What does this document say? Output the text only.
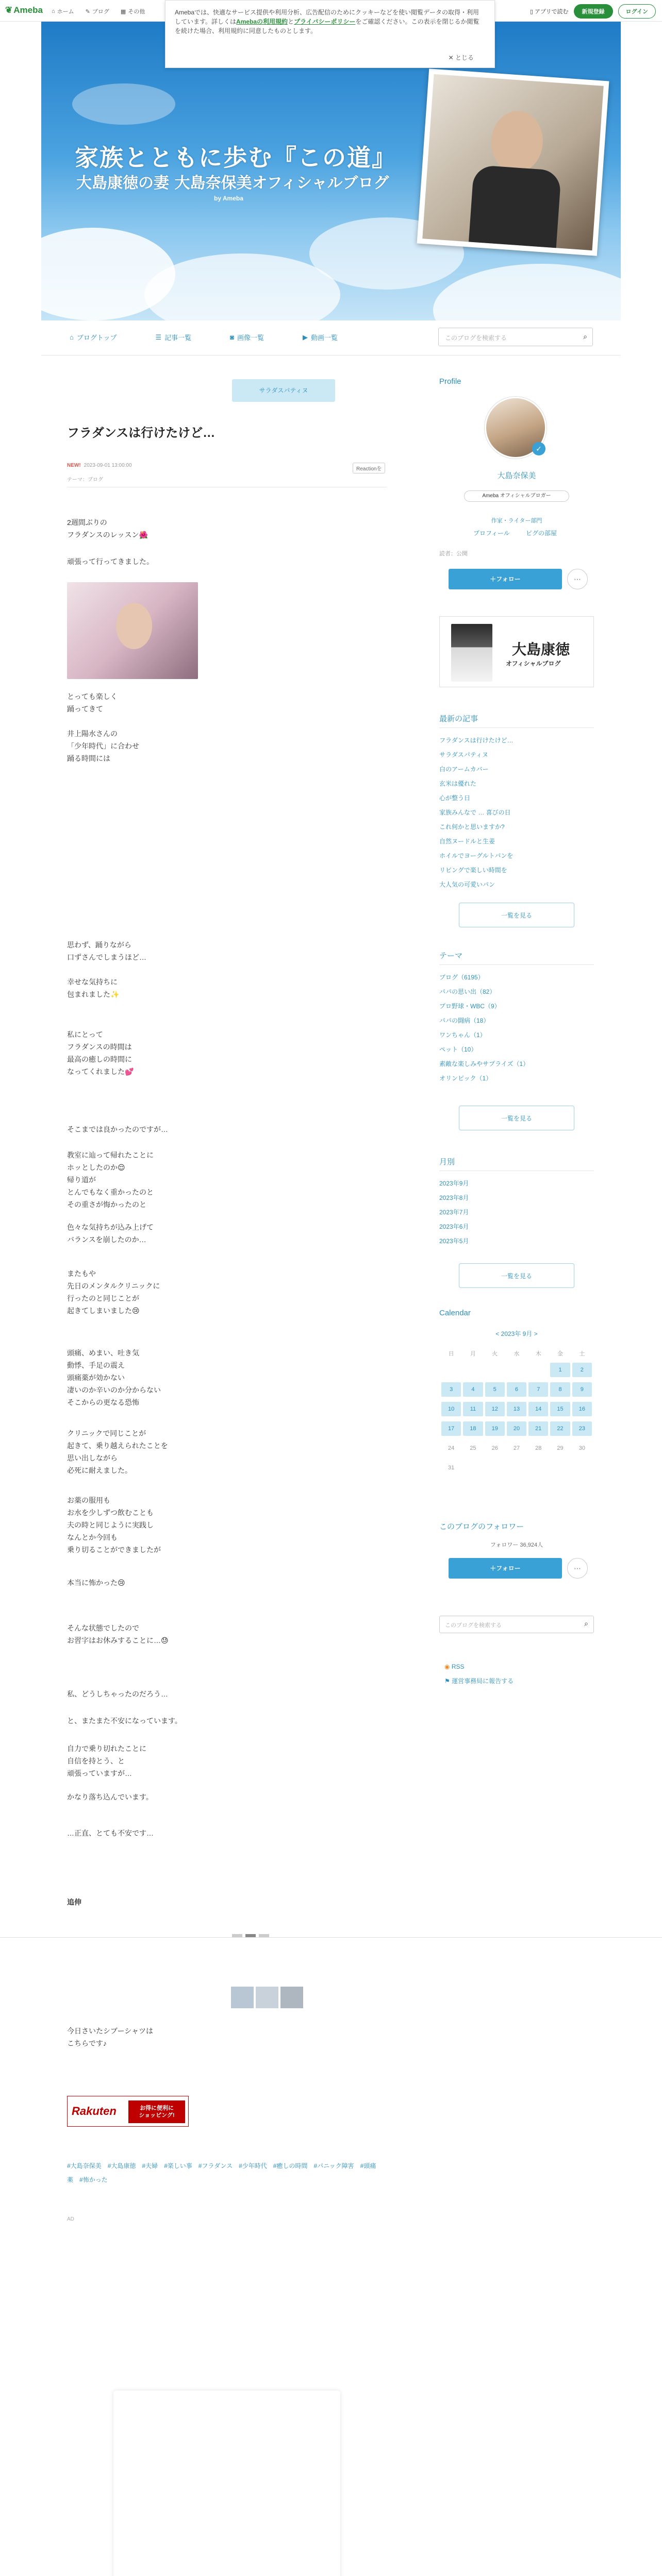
❦ Ameba ⌂ ホーム ✎ ブログ ▦ その他	▯ アプリで読む	新規登録	ログイン
家族とともに歩む『この道』
大島康徳の妻 大島奈保美オフィシャルブログ
by Ameba
Amebaでは、快適なサービス提供や利用分析、広告配信のためにクッキーなどを使い閲覧データの取得・利用しています。詳しくはAmebaの利用規約とプライバシーポリシーをご確認ください。この表示を閉じるか閲覧を続けた場合、利用規約に同意したものとします。
✕ とじる
⌂ ブログトップ	☰ 記事一覧	◙ 画像一覧	▶ 動画一覧	このブログを検索する	⌕
サラダスパティヌ
フラダンスは行けたけど…
NEW! 2023-09-01 13:00:00
テーマ：ブログ
Reactionを

2週間ぶりの
フラダンスのレッスン🌺

頑張って行ってきました。

とっても楽しく
踊ってきて

井上陽水さんの
「少年時代」に合わせ
踊る時間には

思わず、踊りながら
口ずさんでしまうほど…

幸せな気持ちに
包まれました✨

私にとって
フラダンスの時間は
最高の癒しの時間に
なってくれました💕

そこまでは良かったのですが…

教室に辿って帰れたことに
ホッとしたのか😌
帰り道が
とんでもなく重かったのと
その重さが悔かったのと

色々な気持ちが込み上げて
バランスを崩したのか…

またもや
先日のメンタルクリニックに
行ったのと同じことが
起きてしまいました😢

頭痛、めまい、吐き気
動悸、手足の震え
頭痛薬が効かない
凄いのか辛いのか分からない
そこからの更なる恐怖

クリニックで同じことが
起きて、乗り越えられたことを
思い出しながら
必死に耐えました。

お薬の服用も
お水を少しずつ飲むことも
夫の時と同じように実践し
なんとか今回も
乗り切ることができましたが

本当に怖かった😢

そんな状態でしたので
お習字はお休みすることに…😓

私、どうしちゃったのだろう…

と、またまた不安になっています。

自力で乗り切れたことに
自信を持とう、と
頑張っていますが…

かなり落ち込んでいます。

…正直、とても不安です…

追伸

今日さいたシブーシャツは
こちらです♪

Rakuten	お得に便利に
ショッピング!
#大島奈保美 #大島康徳 #夫婦 #楽しい事 #フラダンス #少年時代 #癒しの時間 #パニック障害 #頭痛薬 #怖かった
AD
Profile
✓
大島奈保美
Ameba オフィシャルブロガー
作家・ライター部門
プロフィール	ピグの部屋
読者：公開
＋フォロー	⋯
大島康徳
オフィシャルブログ
最新の記事
フラダンスは行けたけど…
サラダスパティヌ
白のアームカバー
玄米は優れた
心が整う日
家族みんなで … 喜びの日
これ何かと思いますか?
自然ヌードルと生姜
ホイルでヨーグルトパンを
リビングで楽しい時間を
大人気の可愛いパン
一覧を見る
テーマ
ブログ（6195）
パパの思い出（82）
プロ野球・WBC（9）
パパの闘病（18）
ワンちゃん（1）
ペット（10）
素敵な楽しみやサプライズ（1）
オリンピック（1）
一覧を見る
月別
2023年9月
2023年8月
2023年7月
2023年6月
2023年5月
一覧を見る
Calendar
< 2023年 9月 >
日	月	火	水	木	金	土
					1	2
3	4	5	6	7	8	9
10	11	12	13	14	15	16
17	18	19	20	21	22	23
24	25	26	27	28	29	30
31						
このブログのフォロワー
フォロワー 36,924人
＋フォロー	⋯
このブログを検索する	⌕
◉ RSS
⚑ 運営事務局に報告する
